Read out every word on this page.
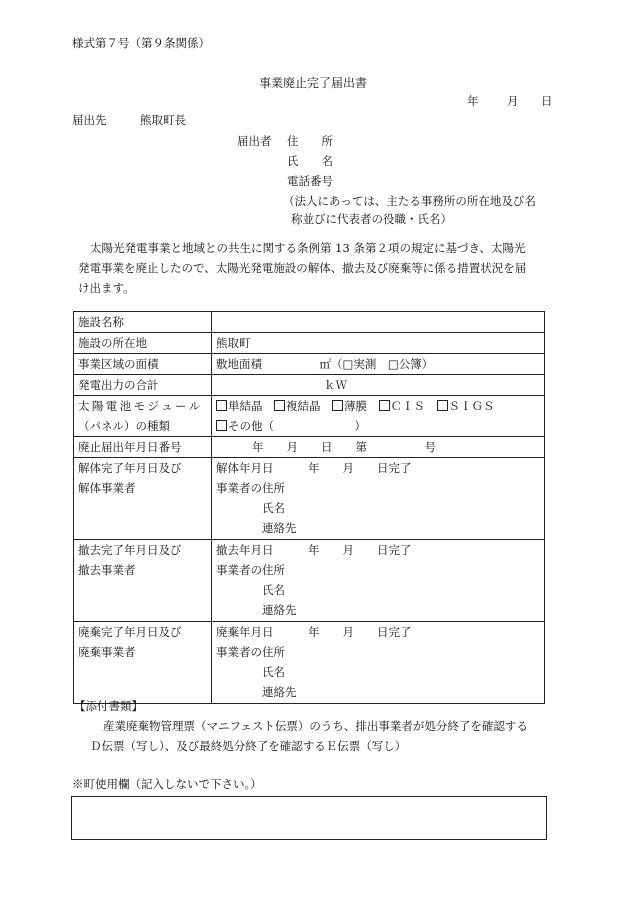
様式第７号（第９条関係）
事業廃止完了届出書
年 月 日
届出先	熊取町長
届出者 住　　所
氏　　名
電話番号
（法人にあっては、主たる事務所の所在地及び名
称並びに代表者の役職・氏名）
太陽光発電事業と地域との共生に関する条例第 13 条第２項の規定に基づき、太陽光
発電事業を廃止したので、太陽光発電施設の解体、撤去及び廃棄等に係る措置状況を届
け出ます。
施設名称	
施設の所在地	熊取町
事業区域の面積	敷地面積　　　　　㎡（□実測　□公簿）
発電出力の合計	ｋＷ

太陽電池モジュール
（パネル）の種類	単結晶　 複結晶　 薄膜　 ＣＩＳ　 ＳＩＧＳ
その他（　　　　　　　）

廃止届出年月日番号	年　　月　　日　　第　　　　　号

解体完了年月日及び
解体事業者	解体年月日　　　年　　月　　日完了
事業者の住所
氏名
連絡先

撤去完了年月日及び
撤去事業者	撤去年月日　　　年　　月　　日完了
事業者の住所
氏名
連絡先

廃棄完了年月日及び
廃棄事業者	廃棄年月日　　　年　　月　　日完了
事業者の住所
氏名
連絡先
【添付書類】
産業廃棄物管理票（マニフェスト伝票）のうち、排出事業者が処分終了を確認する
Ｄ伝票（写し）、及び最終処分終了を確認するＥ伝票（写し）
※町使用欄（記入しないで下さい。）
